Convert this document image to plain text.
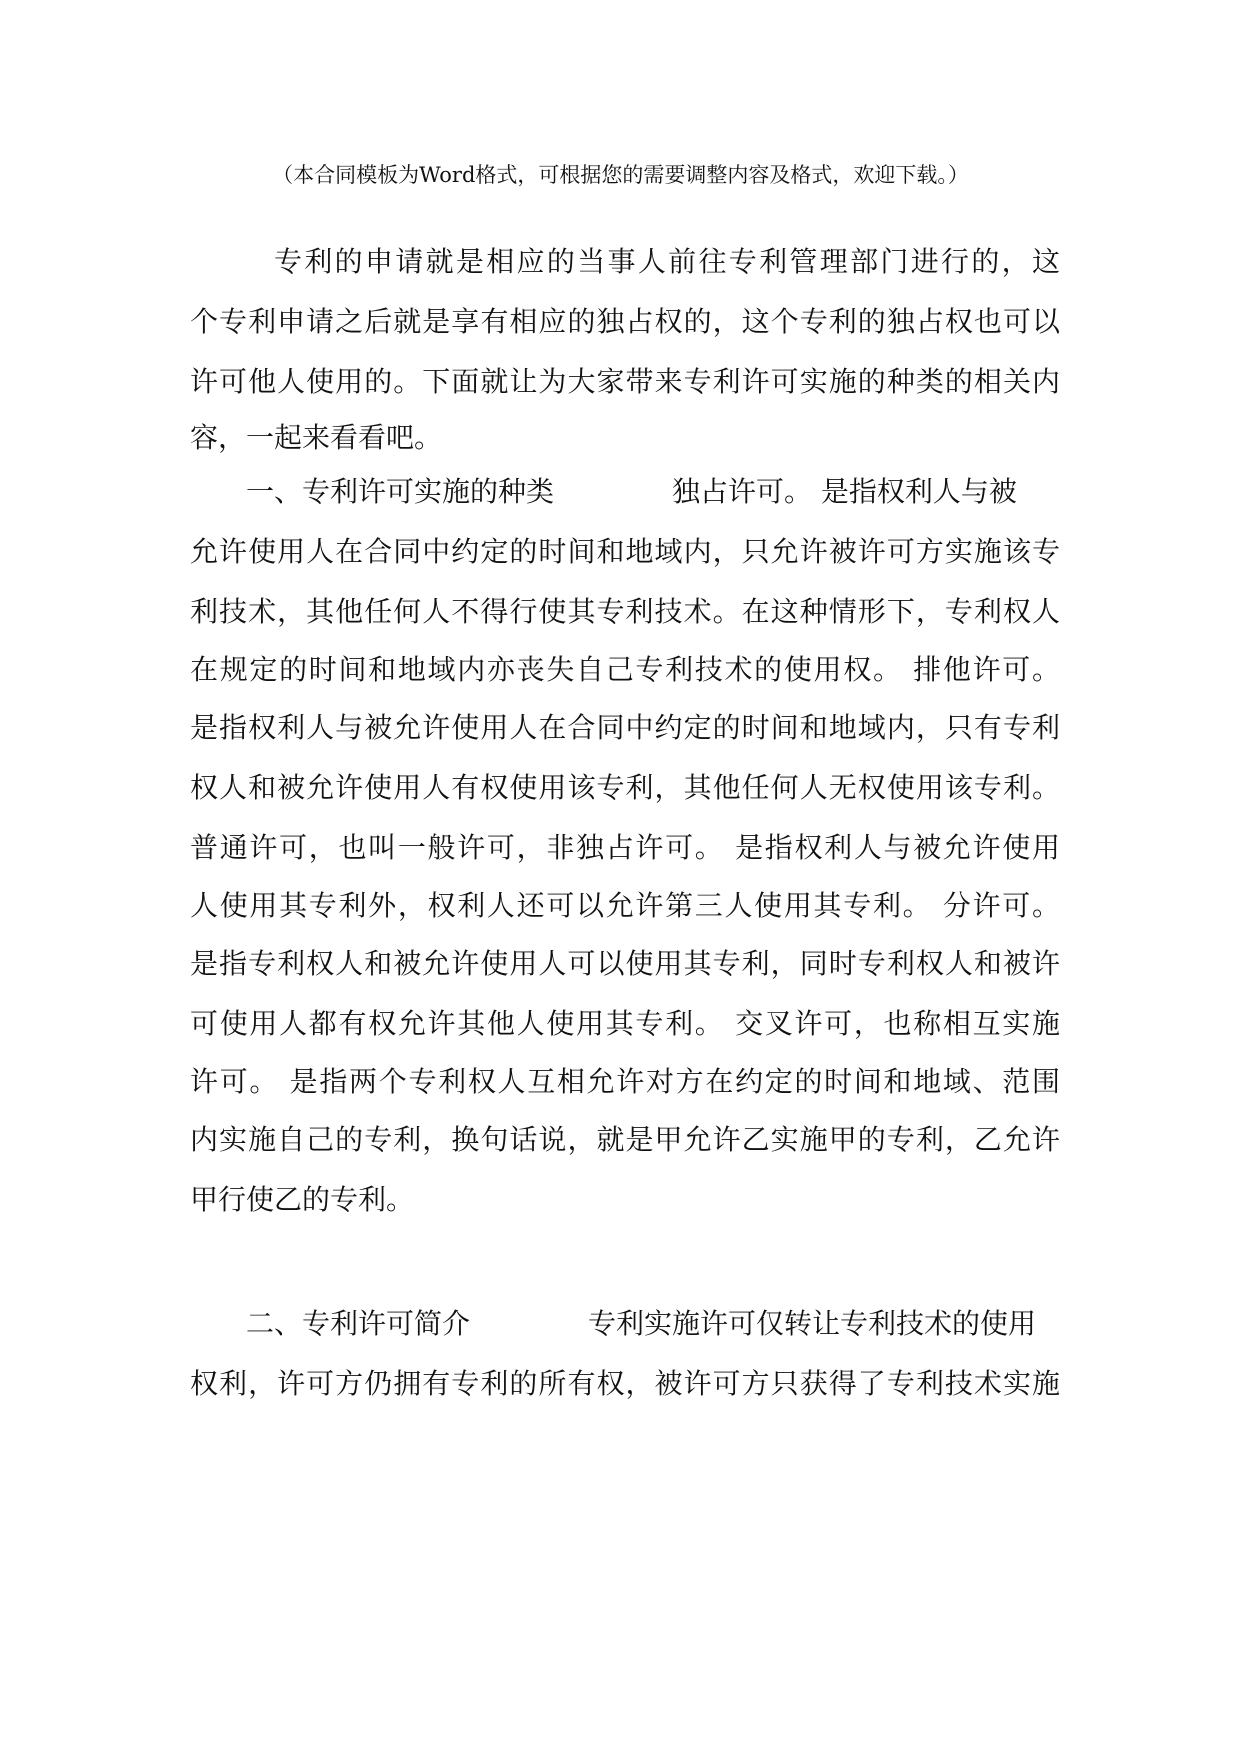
（本合同模板为Word格式，可根据您的需要调整内容及格式，欢迎下载。）
专利的申请就是相应的当事人前往专利管理部门进行的，这
个专利申请之后就是享有相应的独占权的，这个专利的独占权也可以
许可他人使用的。下面就让为大家带来专利许可实施的种类的相关内
容，一起来看看吧。
一、专利许可实施的种类	独占许可。 是指权利人与被
允许使用人在合同中约定的时间和地域内，只允许被许可方实施该专
利技术，其他任何人不得行使其专利技术。在这种情形下，专利权人
在规定的时间和地域内亦丧失自己专利技术的使用权。 排他许可。
是指权利人与被允许使用人在合同中约定的时间和地域内，只有专利
权人和被允许使用人有权使用该专利，其他任何人无权使用该专利。
普通许可，也叫一般许可，非独占许可。 是指权利人与被允许使用
人使用其专利外，权利人还可以允许第三人使用其专利。 分许可。
是指专利权人和被允许使用人可以使用其专利，同时专利权人和被许
可使用人都有权允许其他人使用其专利。 交叉许可，也称相互实施
许可。 是指两个专利权人互相允许对方在约定的时间和地域、范围
内实施自己的专利，换句话说，就是甲允许乙实施甲的专利，乙允许
甲行使乙的专利。
二、专利许可简介	专利实施许可仅转让专利技术的使用
权利，许可方仍拥有专利的所有权，被许可方只获得了专利技术实施
